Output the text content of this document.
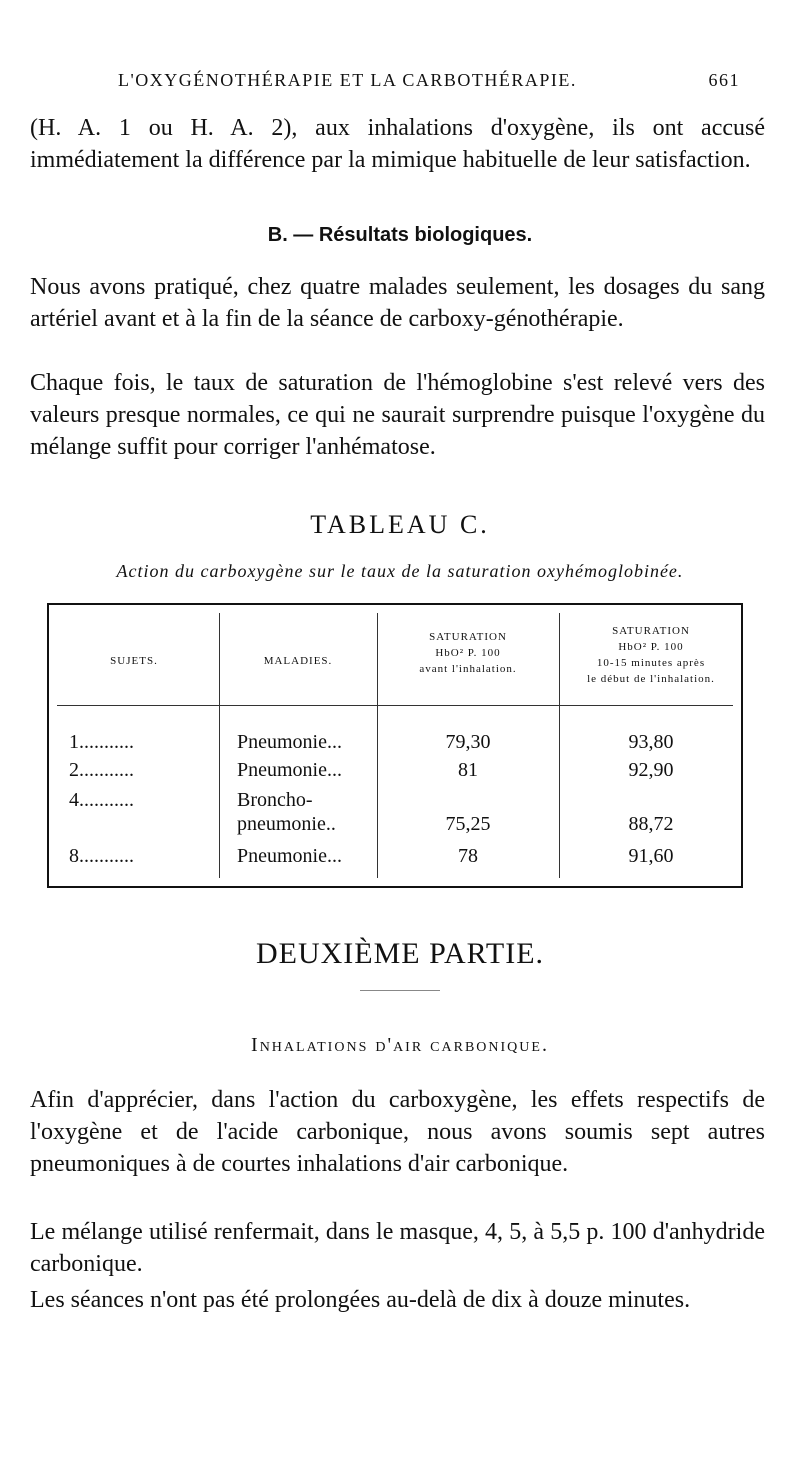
L'OXYGÉNOTHÉRAPIE ET LA CARBOTHÉRAPIE.	661
(H. A. 1 ou H. A. 2), aux inhalations d'oxygène, ils ont accusé immédiatement la différence par la mimique habituelle de leur satisfaction.
B. — Résultats biologiques.
Nous avons pratiqué, chez quatre malades seulement, les dosages du sang artériel avant et à la fin de la séance de carboxy-génothérapie.
Chaque fois, le taux de saturation de l'hémoglobine s'est relevé vers des valeurs presque normales, ce qui ne saurait surprendre puisque l'oxygène du mélange suffit pour corriger l'anhématose.
TABLEAU C.
Action du carboxygène sur le taux de la saturation oxyhémoglobinée.
SUJETS.	MALADIES.
SATURATION
HbO² P. 100
avant l'inhalation.
SATURATION
HbO² P. 100
10-15 minutes après
le début de l'inhalation.
1...........	Pneumonie...	79,30	93,80
2...........	Pneumonie...	81	92,90
4...........	Broncho-
pneumonie..	75,25	88,72
8...........	Pneumonie...	78	91,60
DEUXIÈME PARTIE.
Inhalations d'air carbonique.
Afin d'apprécier, dans l'action du carboxygène, les effets respectifs de l'oxygène et de l'acide carbonique, nous avons soumis sept autres pneumoniques à de courtes inhalations d'air carbonique.
Le mélange utilisé renfermait, dans le masque, 4, 5, à 5,5 p. 100 d'anhydride carbonique.
Les séances n'ont pas été prolongées au-delà de dix à douze minutes.
